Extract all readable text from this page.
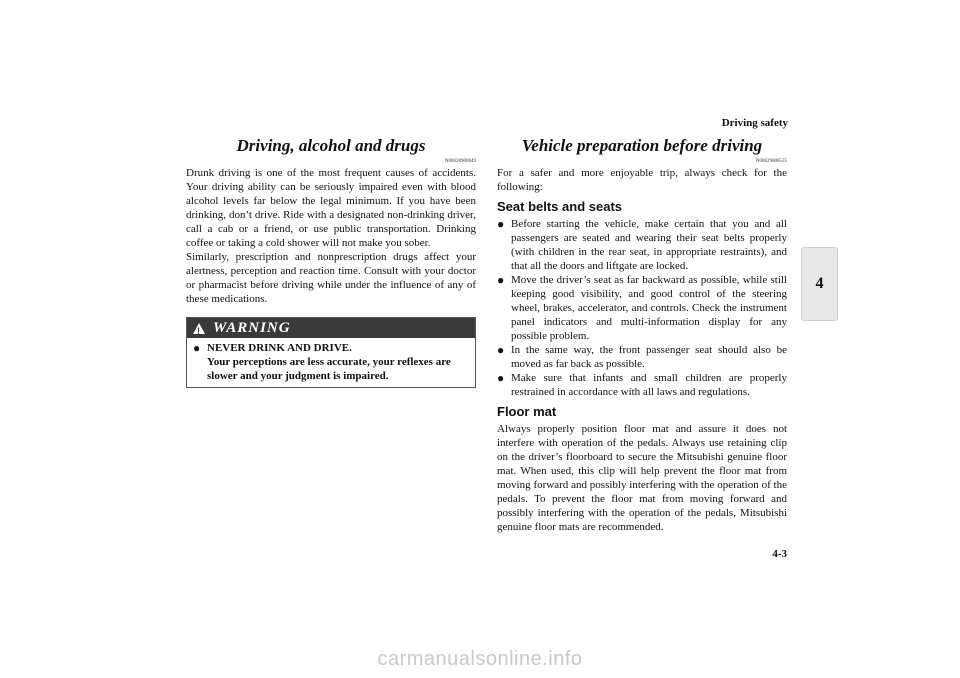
Driving safety
4
Driving, alcohol and drugs
N00628900049

Drunk driving is one of the most frequent causes of accidents. Your driving ability can be seriously impaired even with blood alcohol levels far below the legal minimum. If you have been drinking, don’t drive. Ride with a designated non-drinking driver, call a cab or a friend, or use public transportation. Drinking coffee or taking a cold shower will not make you sober.

Similarly, prescription and nonprescription drugs affect your alertness, perception and reaction time. Consult with your doctor or pharmacist before driving while under the influence of any of these medications.

! WARNING
● NEVER DRINK AND DRIVE.
Your perceptions are less accurate, your reflexes are slower and your judgment is impaired.
Vehicle preparation before driving
N00629000535

For a safer and more enjoyable trip, always check for the following:

Seat belts and seats
● Before starting the vehicle, make certain that you and all passengers are seated and wearing their seat belts properly (with children in the rear seat, in appropriate restraints), and that all the doors and liftgate are locked.
● Move the driver’s seat as far backward as possible, while still keeping good visibility, and good control of the steering wheel, brakes, accelerator, and controls. Check the instrument panel indicators and multi-information display for any possible problem.
● In the same way, the front passenger seat should also be moved as far back as possible.
● Make sure that infants and small children are properly restrained in accordance with all laws and regulations.
Floor mat

Always properly position floor mat and assure it does not interfere with operation of the pedals. Always use retaining clip on the driver’s floorboard to secure the Mitsubishi genuine floor mat. When used, this clip will help prevent the floor mat from moving forward and possibly interfering with the operation of the pedals. To prevent the floor mat from moving forward and possibly interfering with the operation of the pedals, Mitsubishi genuine floor mats are recommended.

4-3
carmanualsonline.info
